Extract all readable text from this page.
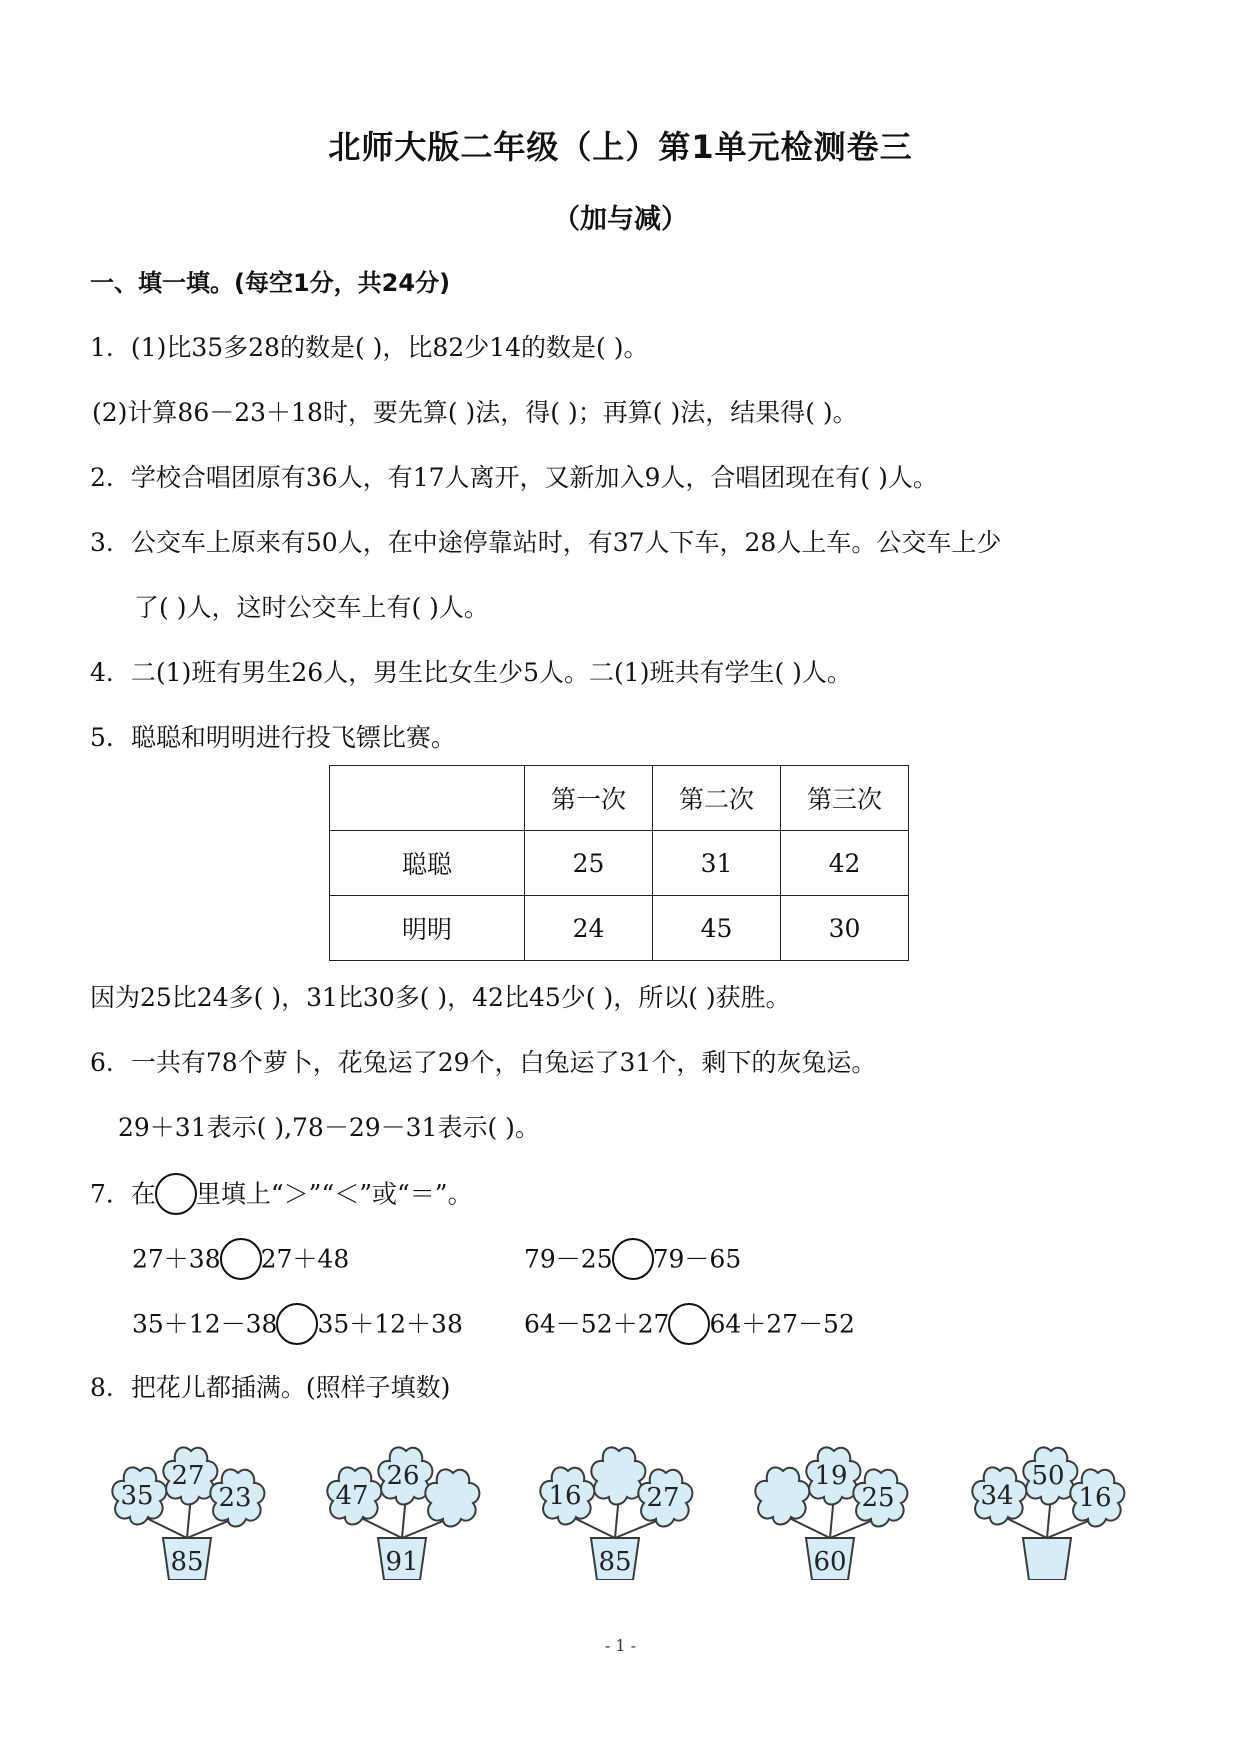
北师大版二年级（上）第1单元检测卷三
（加与减）
一、填一填。(每空1分，共24分)
1．(1)比35多28的数是( )，比82少14的数是( )。
(2)计算86－23＋18时，要先算( )法，得( )；再算( )法，结果得( )。
2．学校合唱团原有36人，有17人离开，又新加入9人，合唱团现在有( )人。
3．公交车上原来有50人，在中途停靠站时，有37人下车，28人上车。公交车上少
了( )人，这时公交车上有( )人。
4．二(1)班有男生26人，男生比女生少5人。二(1)班共有学生( )人。
5．聪聪和明明进行投飞镖比赛。
	第一次	第二次	第三次
聪聪	25	31	42
明明	24	45	30
因为25比24多( )，31比30多( )，42比45少( )，所以( )获胜。
6．一共有78个萝卜，花兔运了29个，白兔运了31个，剩下的灰兔运。
29＋31表示( ),78－29－31表示( )。
7．在 里填上“＞”“＜”或“＝”。
27＋38 27＋48	79－25 79－65
35＋12－38 35＋12＋38 64－52＋27 64＋27－52
8．把花儿都插满。(照样子填数)
85
35
27
23
91
47
26
85
16 27
60
19
25	34
50
16
- 1 -
